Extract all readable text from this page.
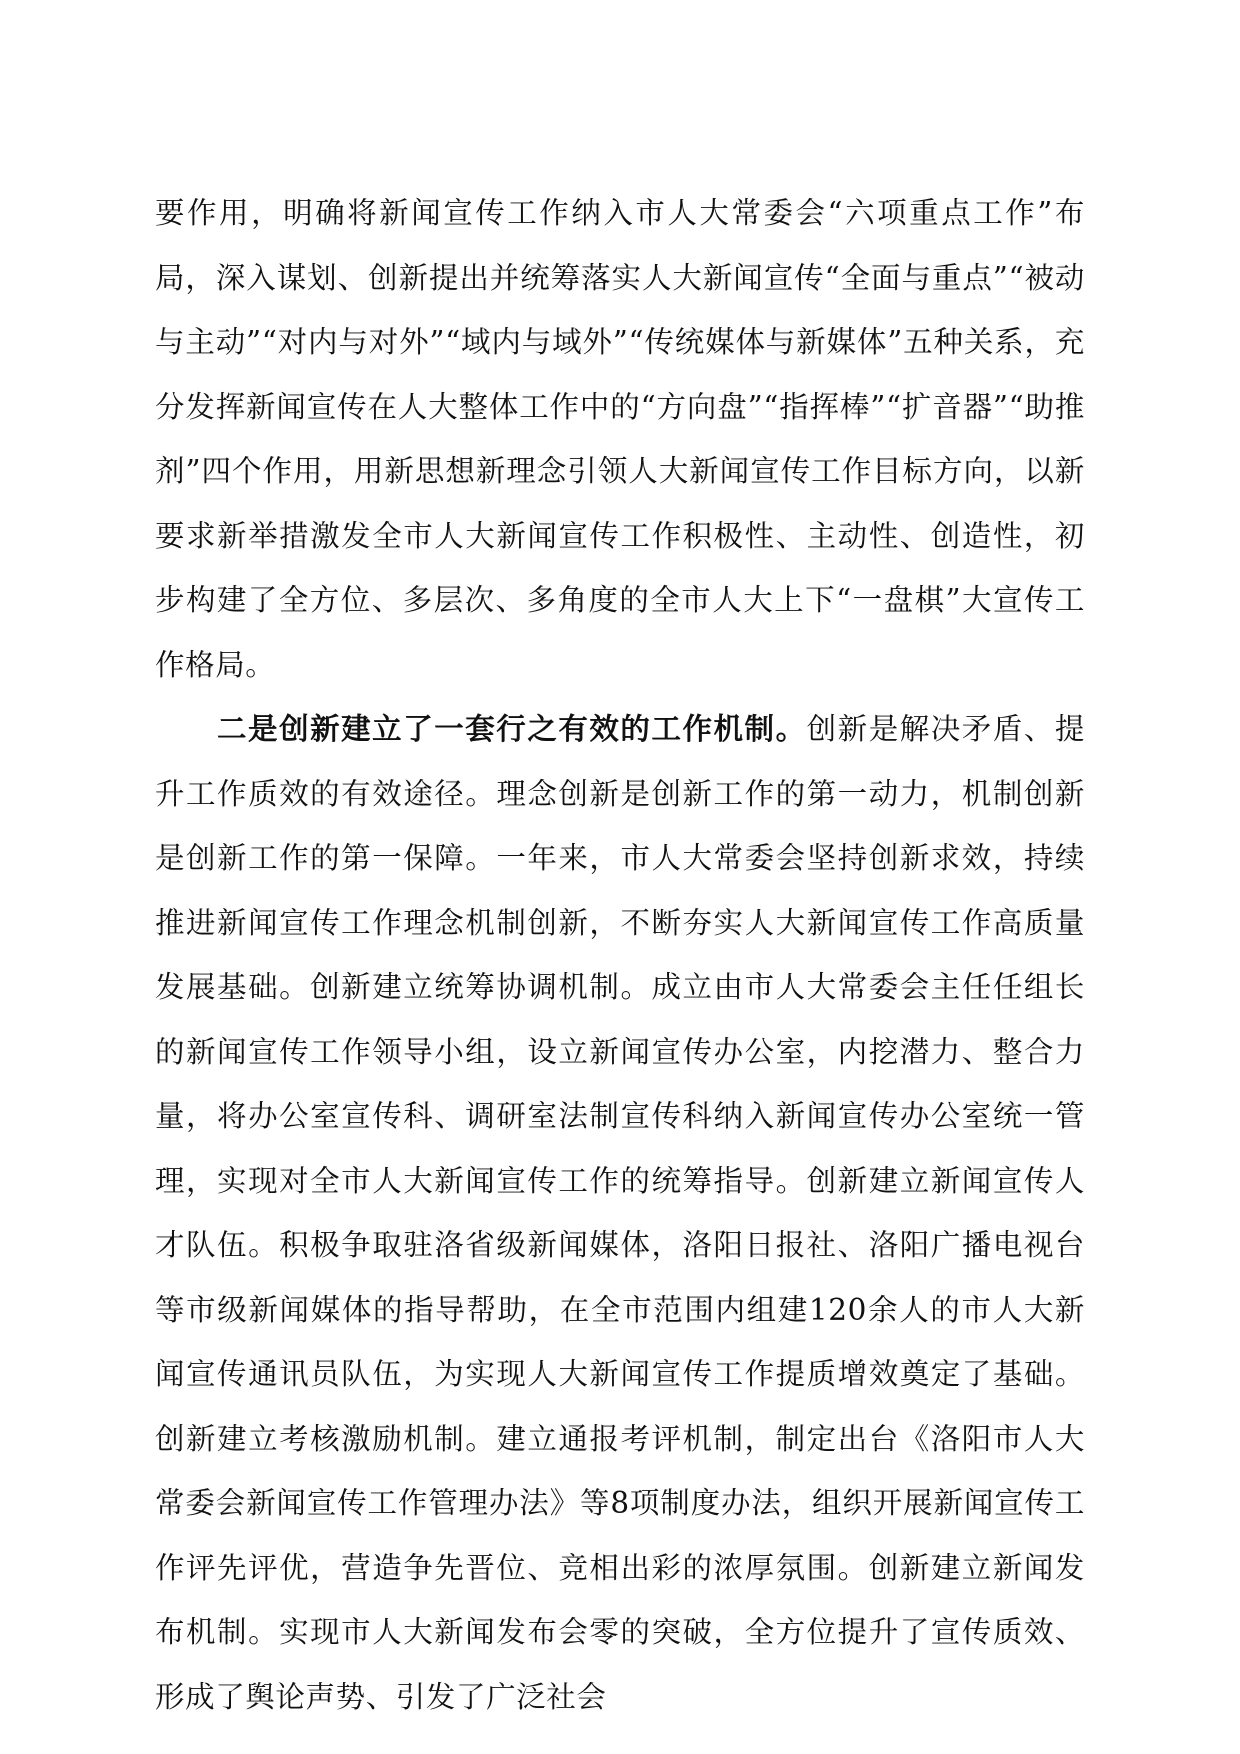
要作用，明确将新闻宣传工作纳入市人大常委会“六项重点工作”布局，深入谋划、创新提出并统筹落实人大新闻宣传“全面与重点”“被动与主动”“对内与对外”“域内与域外”“传统媒体与新媒体”五种关系，充分发挥新闻宣传在人大整体工作中的“方向盘”“指挥棒”“扩音器”“助推剂”四个作用，用新思想新理念引领人大新闻宣传工作目标方向，以新要求新举措激发全市人大新闻宣传工作积极性、主动性、创造性，初步构建了全方位、多层次、多角度的全市人大上下“一盘棋”大宣传工作格局。

二是创新建立了一套行之有效的工作机制。创新是解决矛盾、提升工作质效的有效途径。理念创新是创新工作的第一动力，机制创新是创新工作的第一保障。一年来，市人大常委会坚持创新求效，持续推进新闻宣传工作理念机制创新，不断夯实人大新闻宣传工作高质量发展基础。创新建立统筹协调机制。成立由市人大常委会主任任组长的新闻宣传工作领导小组，设立新闻宣传办公室，内挖潜力、整合力量，将办公室宣传科、调研室法制宣传科纳入新闻宣传办公室统一管理，实现对全市人大新闻宣传工作的统筹指导。创新建立新闻宣传人才队伍。积极争取驻洛省级新闻媒体，洛阳日报社、洛阳广播电视台等市级新闻媒体的指导帮助，在全市范围内组建120余人的市人大新闻宣传通讯员队伍，为实现人大新闻宣传工作提质增效奠定了基础。创新建立考核激励机制。建立通报考评机制，制定出台《洛阳市人大常委会新闻宣传工作管理办法》等8项制度办法，组织开展新闻宣传工作评先评优，营造争先晋位、竞相出彩的浓厚氛围。创新建立新闻发布机制。实现市人大新闻发布会零的突破，全方位提升了宣传质效、形成了舆论声势、引发了广泛社会
